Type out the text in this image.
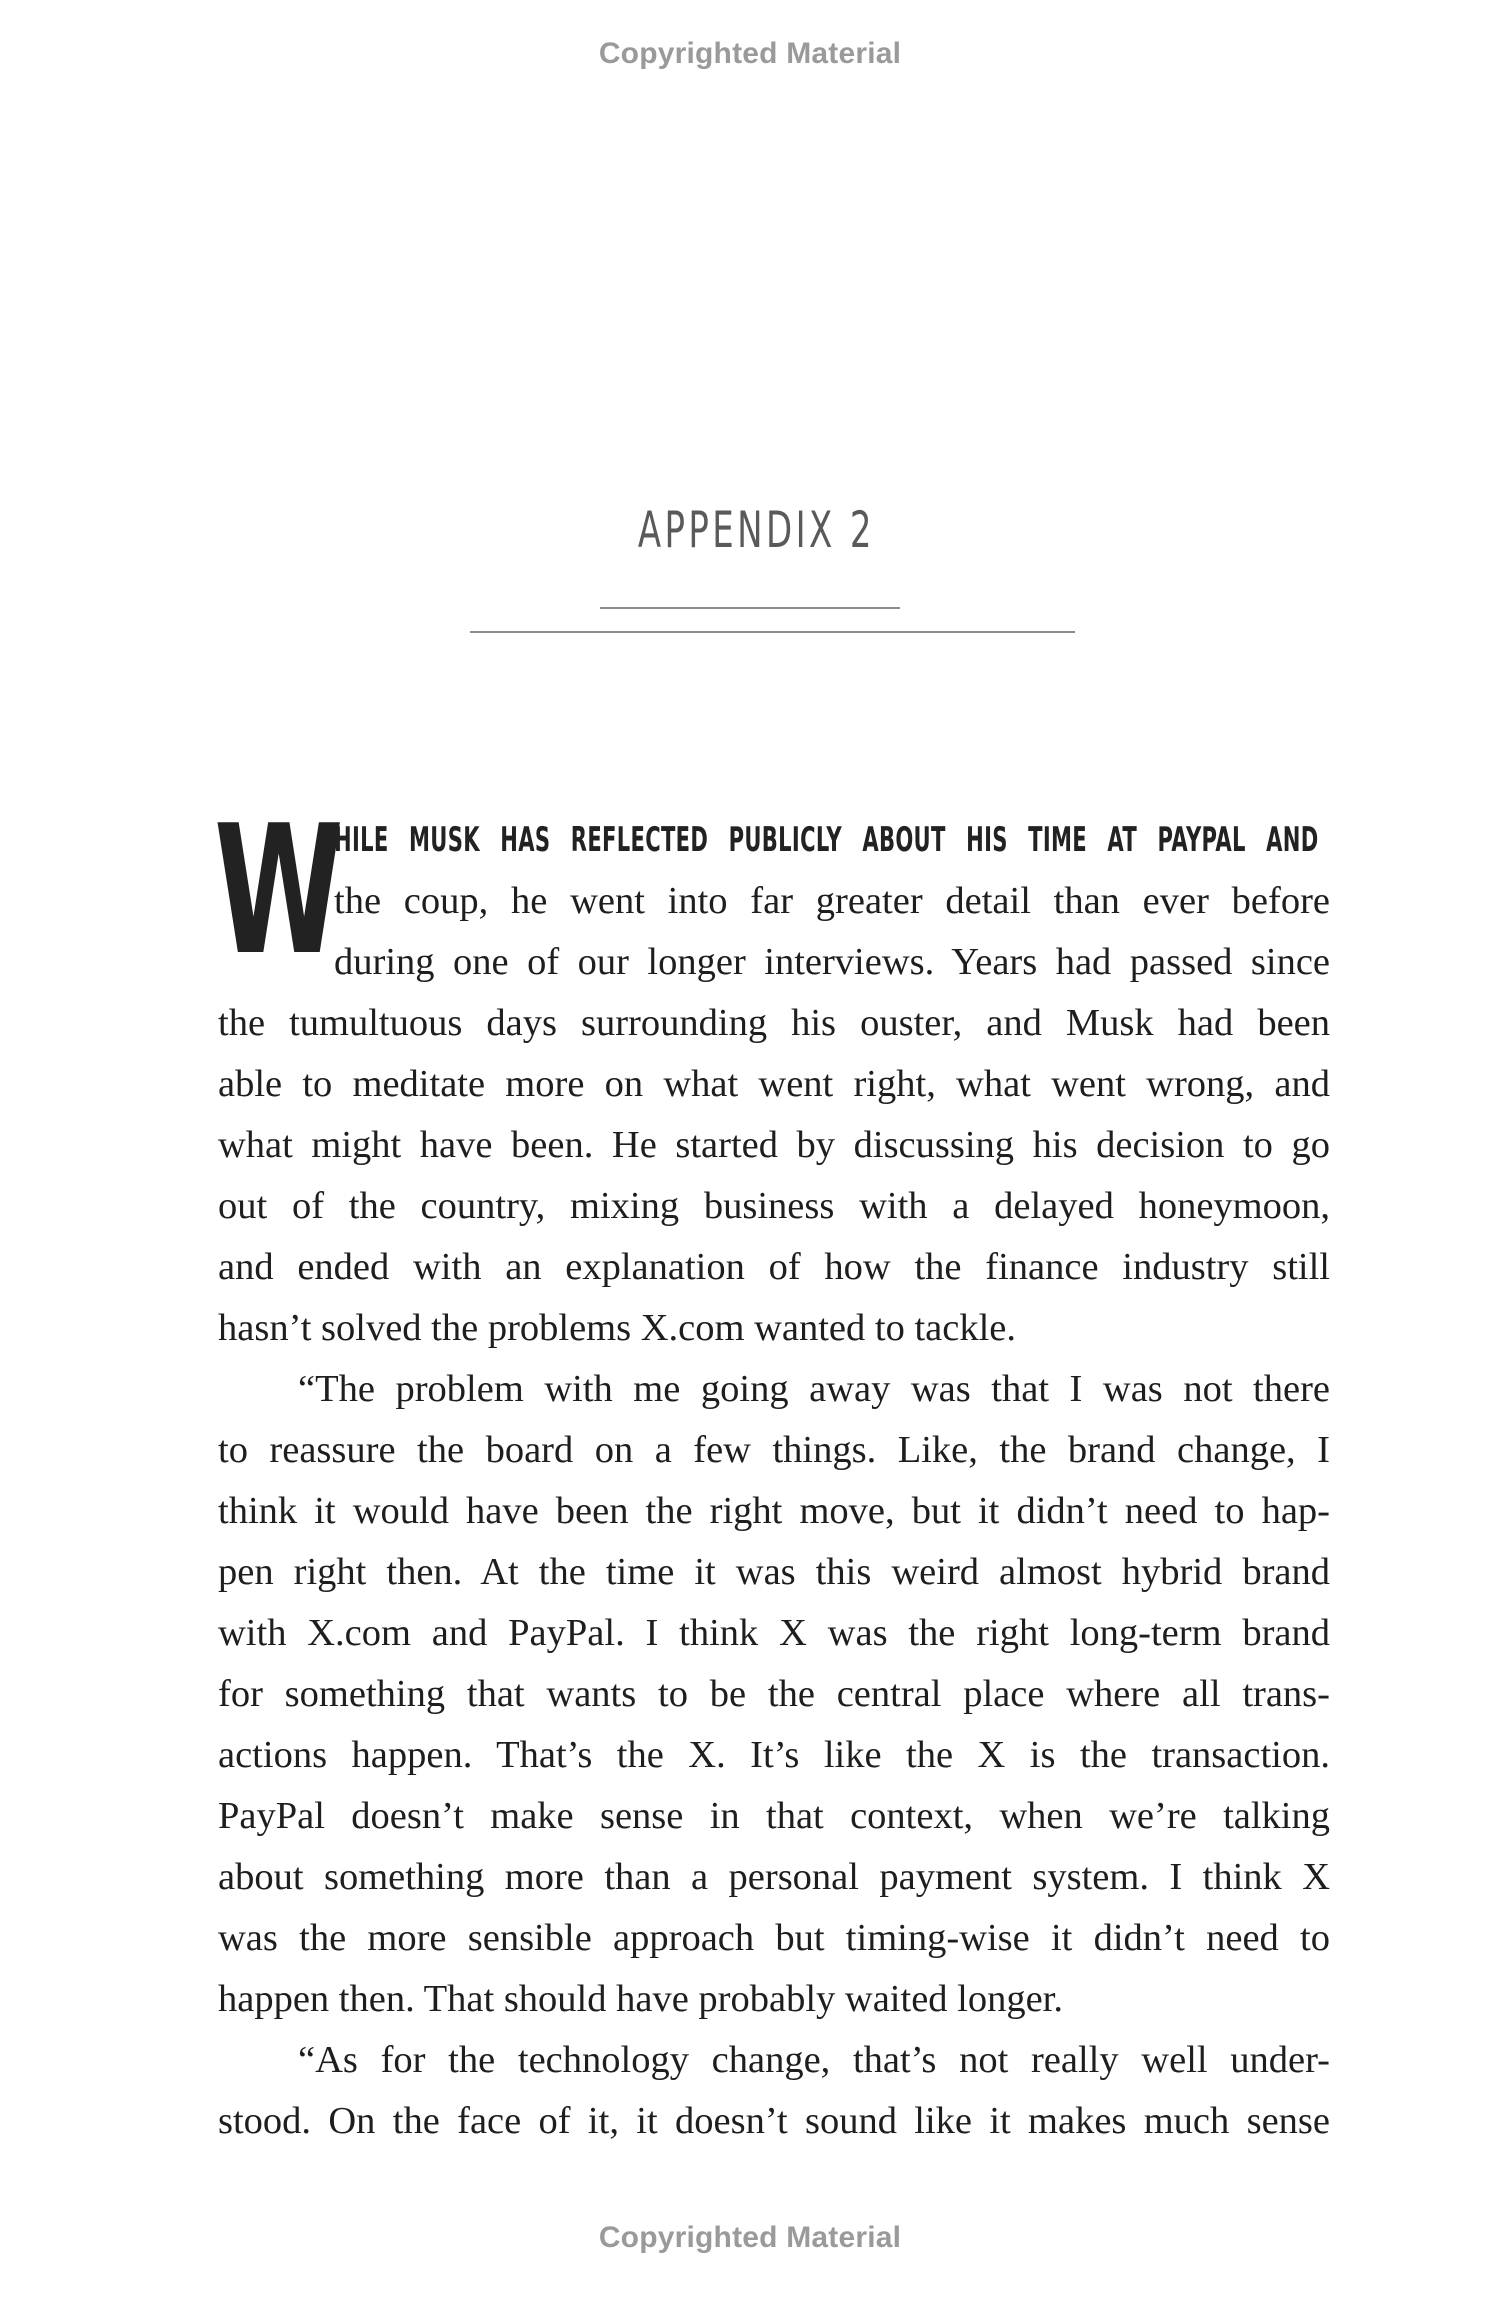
Copyrighted Material
APPENDIX 2
W
HILE MUSK HAS REFLECTED PUBLICLY ABOUT HIS TIME AT PAYPAL AND
the coup, he went into far greater detail than ever before
during one of our longer interviews. Years had passed since
the tumultuous days surrounding his ouster, and Musk had been
able to meditate more on what went right, what went wrong, and
what might have been. He started by discussing his decision to go
out of the country, mixing business with a delayed honeymoon,
and ended with an explanation of how the finance industry still
hasn’t solved the problems X.com wanted to tackle.
“The problem with me going away was that I was not there
to reassure the board on a few things. Like, the brand change, I
think it would have been the right move, but it didn’t need to hap-
pen right then. At the time it was this weird almost hybrid brand
with X.com and PayPal. I think X was the right long-term brand
for something that wants to be the central place where all trans-
actions happen. That’s the X. It’s like the X is the transaction.
PayPal doesn’t make sense in that context, when we’re talking
about something more than a personal payment system. I think X
was the more sensible approach but timing-wise it didn’t need to
happen then. That should have probably waited longer.
“As for the technology change, that’s not really well under-
stood. On the face of it, it doesn’t sound like it makes much sense
Copyrighted Material
